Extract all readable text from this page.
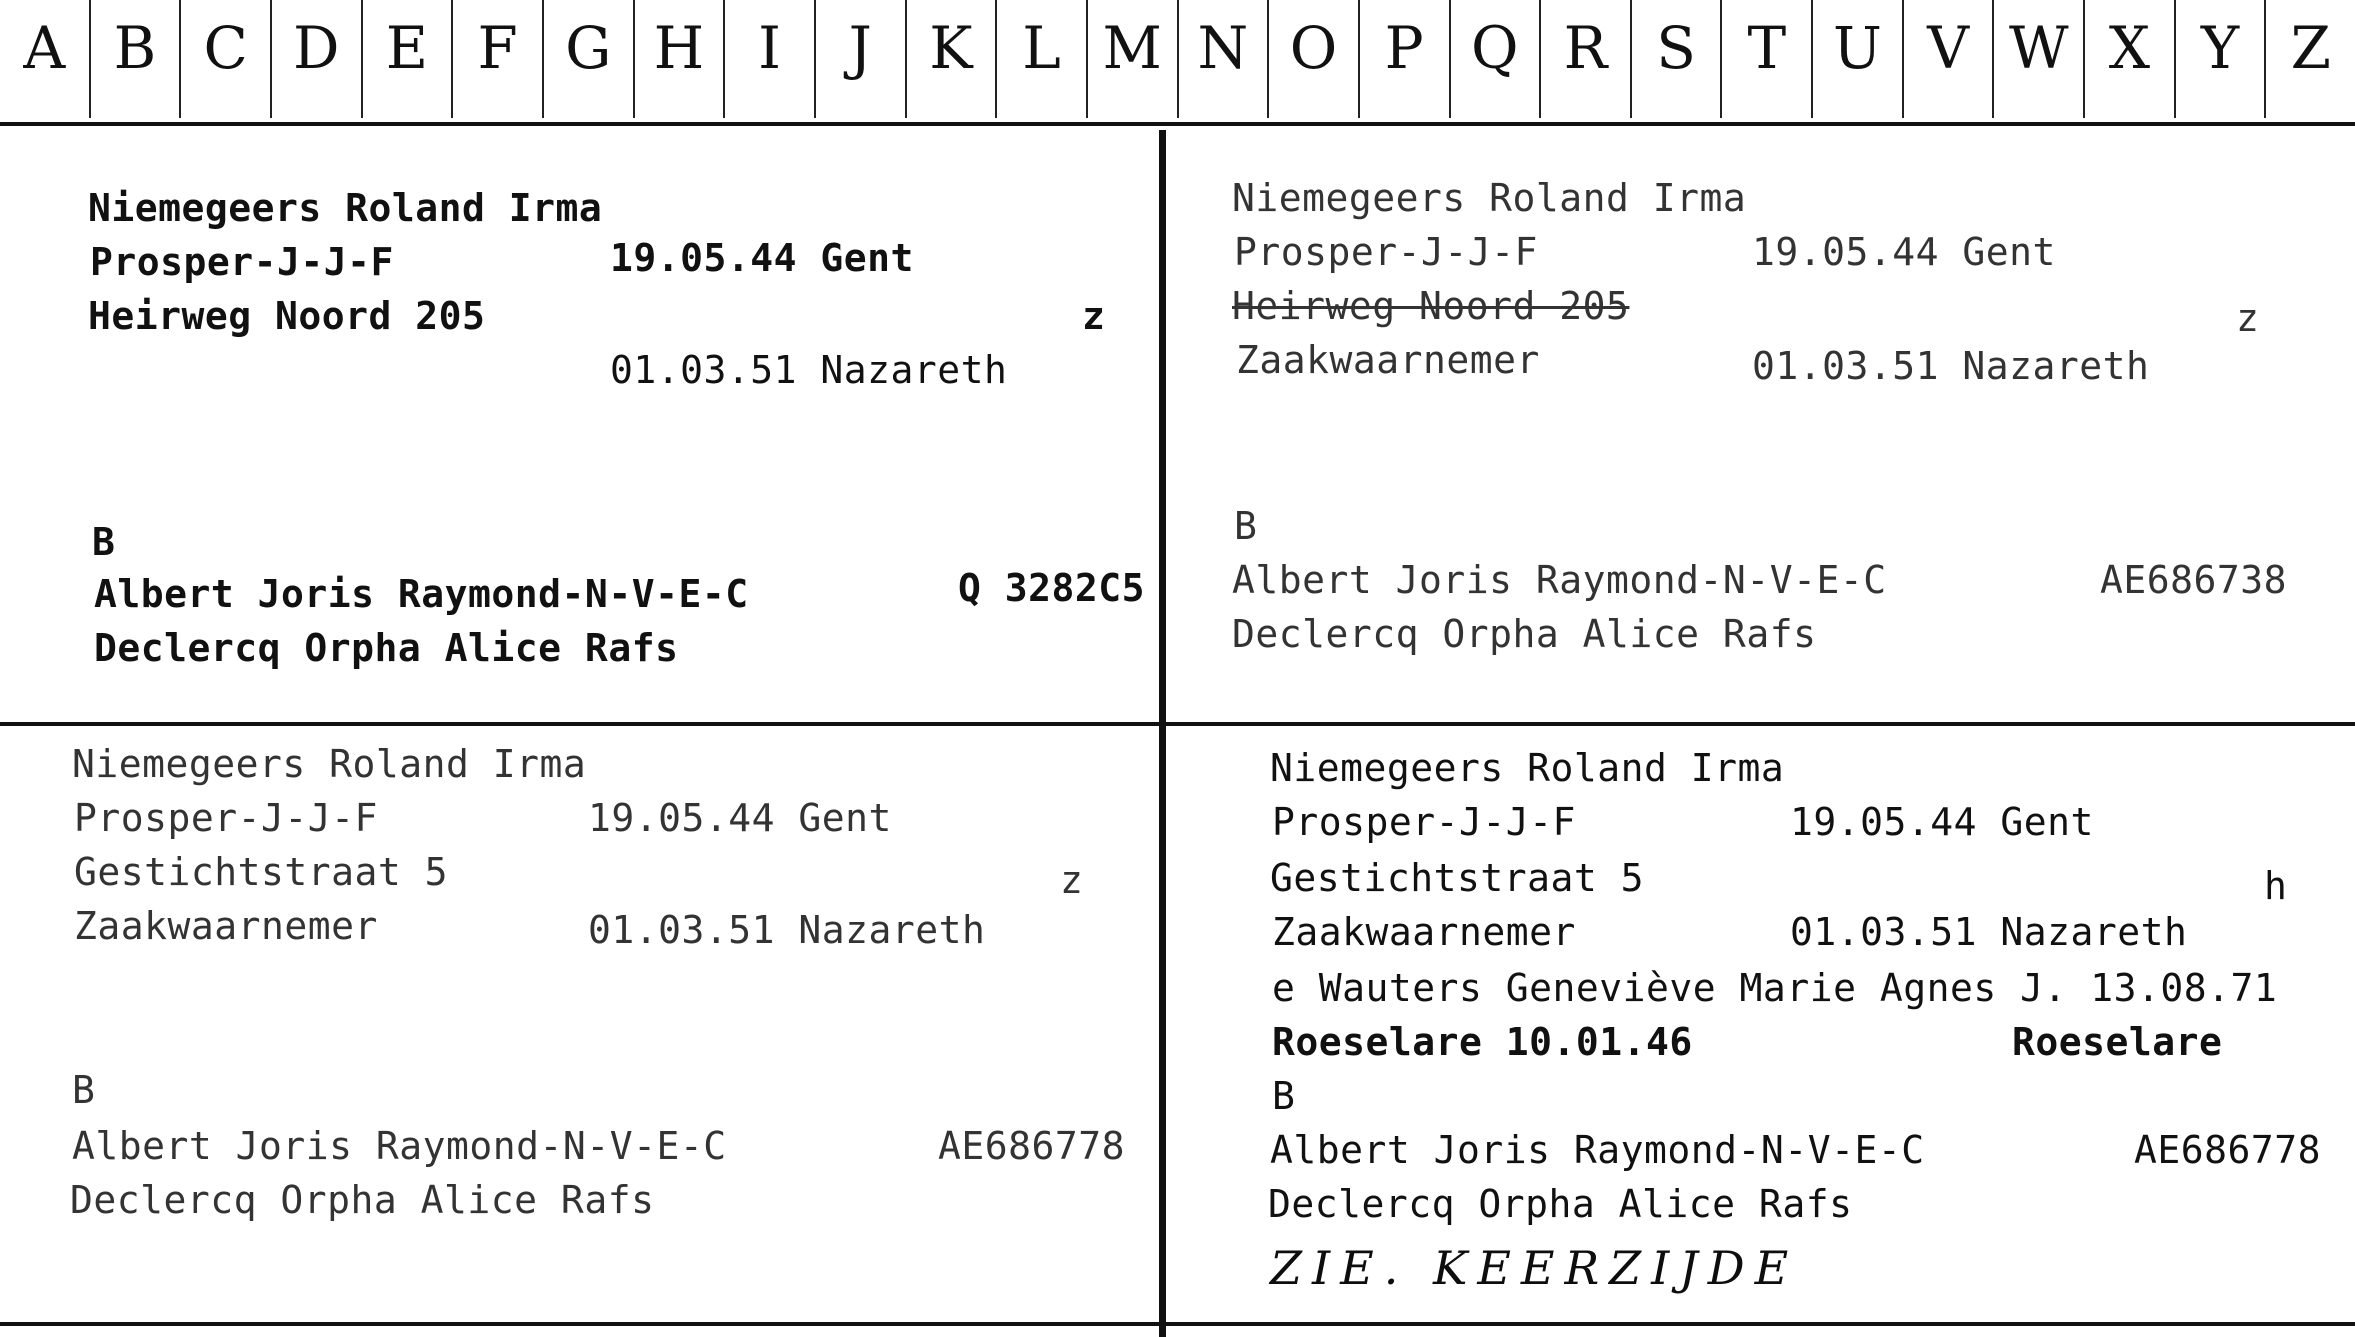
A B C D E F G H I	J K L M N O P Q R S T U V W X Y Z
Niemegeers Roland Irma
Prosper-J-J-F	19.05.44 Gent
Heirweg Noord 205	z
01.03.51 Nazareth
B
Albert Joris Raymond-N-V-E-C	Q 3282C5
Declercq Orpha Alice Rafs
Niemegeers Roland Irma
Prosper-J-J-F	19.05.44 Gent
Heirweg Noord 205	z
Zaakwaarnemer	01.03.51 Nazareth
B
Albert Joris Raymond-N-V-E-C	AE686738
Declercq Orpha Alice Rafs
Niemegeers Roland Irma
Prosper-J-J-F	19.05.44 Gent
Gestichtstraat 5	z
Zaakwaarnemer	01.03.51 Nazareth
B
Albert Joris Raymond-N-V-E-C	AE686778
Declercq Orpha Alice Rafs
Niemegeers Roland Irma
Prosper-J-J-F	19.05.44 Gent
Gestichtstraat 5	h
Zaakwaarnemer	01.03.51 Nazareth
e Wauters Geneviève Marie Agnes J. 13.08.71
Roeselare 10.01.46	Roeselare
B
Albert Joris Raymond-N-V-E-C	AE686778
Declercq Orpha Alice Rafs
ZIE. KEERZIJDE
